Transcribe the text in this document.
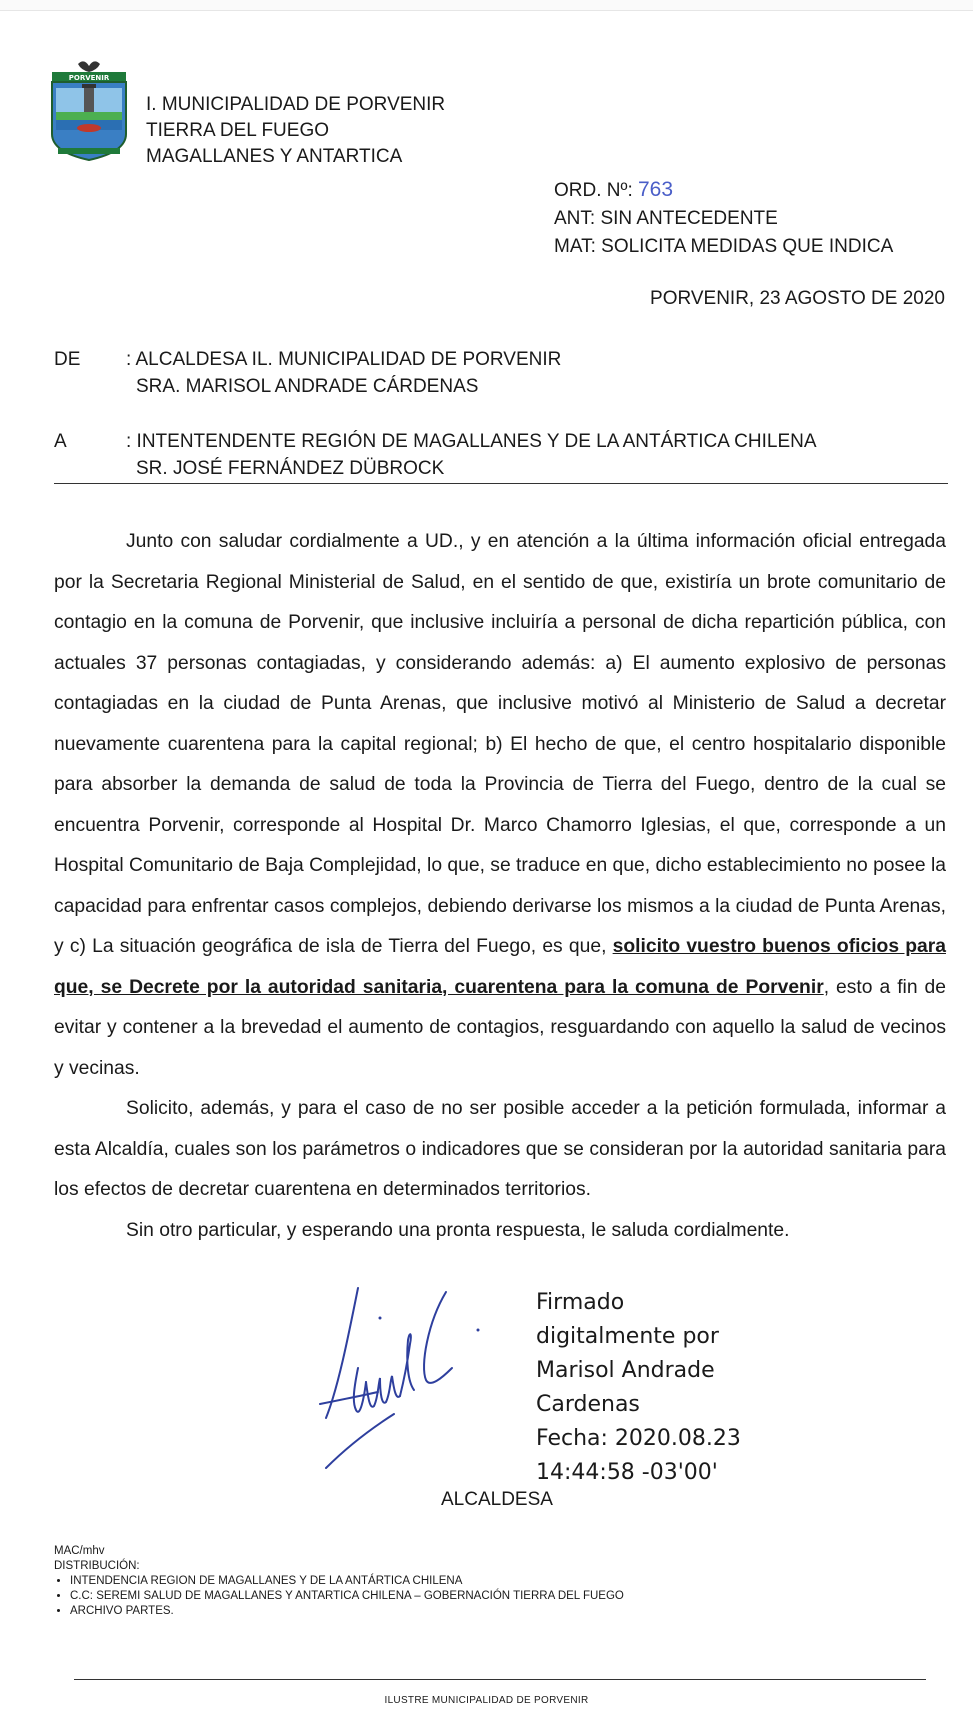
PORVENIR
I. MUNICIPALIDAD DE PORVENIR
TIERRA DEL FUEGO
MAGALLANES Y ANTARTICA
ORD. Nº: 763
ANT: SIN ANTECEDENTE
MAT: SOLICITA MEDIDAS QUE INDICA
PORVENIR, 23 AGOSTO DE 2020
DE : ALCALDESA IL. MUNICIPALIDAD DE PORVENIR
SRA. MARISOL ANDRADE CÁRDENAS
A	: INTENTENDENTE REGIÓN DE MAGALLANES Y DE LA ANTÁRTICA CHILENA
SR. JOSÉ FERNÁNDEZ DÜBROCK

Junto con saludar cordialmente a UD., y en atención a la última información oficial entregada por la Secretaria Regional Ministerial de Salud, en el sentido de que, existiría un brote comunitario de contagio en la comuna de Porvenir, que inclusive incluiría a personal de dicha repartición pública, con actuales 37 personas contagiadas, y considerando además: a) El aumento explosivo de personas contagiadas en la ciudad de Punta Arenas, que inclusive motivó al Ministerio de Salud a decretar nuevamente cuarentena para la capital regional; b) El hecho de que, el centro hospitalario disponible para absorber la demanda de salud de toda la Provincia de Tierra del Fuego, dentro de la cual se encuentra Porvenir, corresponde al Hospital Dr. Marco Chamorro Iglesias, el que, corresponde a un Hospital Comunitario de Baja Complejidad, lo que, se traduce en que, dicho establecimiento no posee la capacidad para enfrentar casos complejos, debiendo derivarse los mismos a la ciudad de Punta Arenas, y c) La situación geográfica de isla de Tierra del Fuego, es que, solicito vuestro buenos oficios para que, se Decrete por la autoridad sanitaria, cuarentena para la comuna de Porvenir, esto a fin de evitar y contener a la brevedad el aumento de contagios, resguardando con aquello la salud de vecinos y vecinas.

Solicito, además, y para el caso de no ser posible acceder a la petición formulada, informar a esta Alcaldía, cuales son los parámetros o indicadores que se consideran por la autoridad sanitaria para los efectos de decretar cuarentena en determinados territorios.

Sin otro particular, y esperando una pronta respuesta, le saluda cordialmente.

Firmado
digitalmente por
Marisol Andrade
Cardenas
Fecha: 2020.08.23
14:44:58 -03'00'
ALCALDESA
MAC/mhv
DISTRIBUCIÓN:
• INTENDENCIA REGION DE MAGALLANES Y DE LA ANTÁRTICA CHILENA
• C.C: SEREMI SALUD DE MAGALLANES Y ANTARTICA CHILENA – GOBERNACIÓN TIERRA DEL FUEGO
• ARCHIVO PARTES.
ILUSTRE MUNICIPALIDAD DE PORVENIR
